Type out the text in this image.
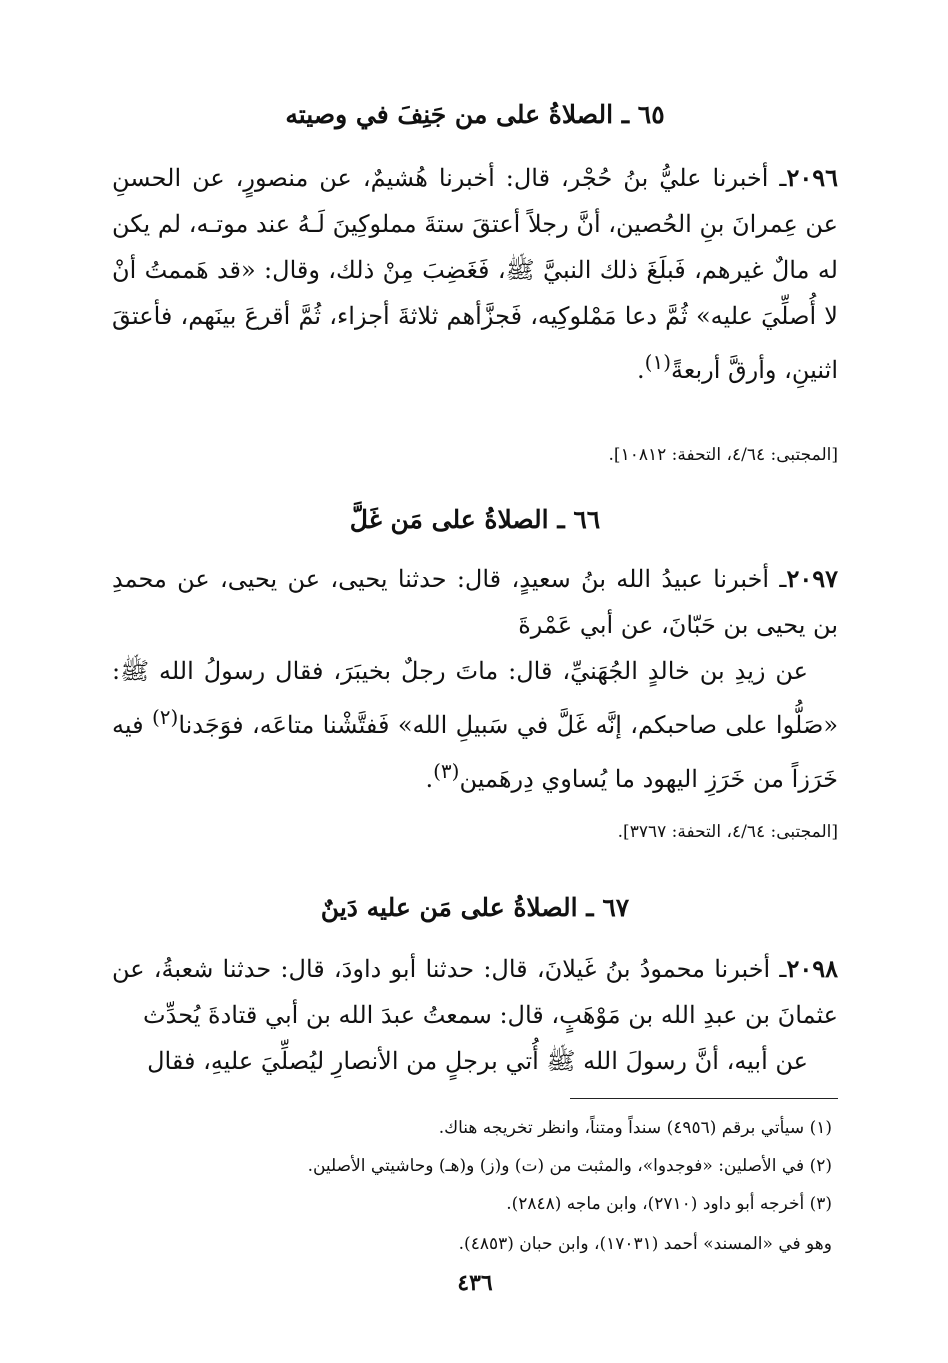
٦٥ ـ الصلاةُ على من جَنِفَ في وصيته

٢٠٩٦ـ أخبرنا عليُّ بنُ حُجْر، قال: أخبرنا هُشيمٌ، عن منصورٍ، عن الحسنِ عن عِمرانَ بنِ الحُصين، أنَّ رجلاً أعتقَ ستةَ مملوكِينَ لَـهُ عند موتـه، لم يكن له مالٌ غيرهم، فَبلَغَ ذلك النبيَّ ﷺ، فَغَضِبَ مِنْ ذلك، وقال: «قد هَممتُ أنْ لا أُصلِّيَ عليه» ثُمَّ دعا مَمْلوكِيه، فَجزَّأهم ثلاثةَ أجزاء، ثُمَّ أقرعَ بينَهم، فأعتقَ اثنينِ، وأرقَّ أربعةً$^{(١)}$.

[المجتبى: ٤/٦٤، التحفة: ١٠٨١٢].
٦٦ ـ الصلاةُ على مَن غَلَّ

٢٠٩٧ـ أخبرنا عبيدُ الله بنُ سعيدٍ، قال: حدثنا يحيى، عن يحيى، عن محمدِ بن يحيى بن حَبّانَ، عن أبي عَمْرةَ

عن زيدِ بن خالدٍ الجُهَنيِّ، قال: ماتَ رجلٌ بخيبَرَ، فقال رسولُ الله ﷺ: «صَلُّوا على صاحبكم، إنَّه غَلَّ في سَبيلِ الله» فَفتَّشْنا متاعَه، فوَجَدنا$^{(٢)}$ فيه خَرَزاً من خَرَزِ اليهود ما يُساوي دِرهَمين$^{(٣)}$.

[المجتبى: ٤/٦٤، التحفة: ٣٧٦٧].
٦٧ ـ الصلاةُ على مَن عليه دَينٌ

٢٠٩٨ـ أخبرنا محمودُ بنُ غَيلانَ، قال: حدثنا أبو داودَ، قال: حدثنا شعبةُ، عن عثمانَ بن عبدِ الله بن مَوْهَبٍ، قال: سمعتُ عبدَ الله بن أبي قتادةَ يُحدِّث

عن أبيه، أنَّ رسولَ الله ﷺ أُتي برجلٍ من الأنصارِ ليُصلِّيَ عليهِ، فقال

(١) سيأتي برقم (٤٩٥٦) سنداً ومتناً، وانظر تخريجه هناك.
(٢) في الأصلين: «فوجدوا»، والمثبت من (ت) و(ز) و(هـ) وحاشيتي الأصلين.
(٣) أخرجه أبو داود (٢٧١٠)، وابن ماجه (٢٨٤٨).
وهو في «المسند» أحمد (١٧٠٣١)، وابن حبان (٤٨٥٣).
٤٣٦
